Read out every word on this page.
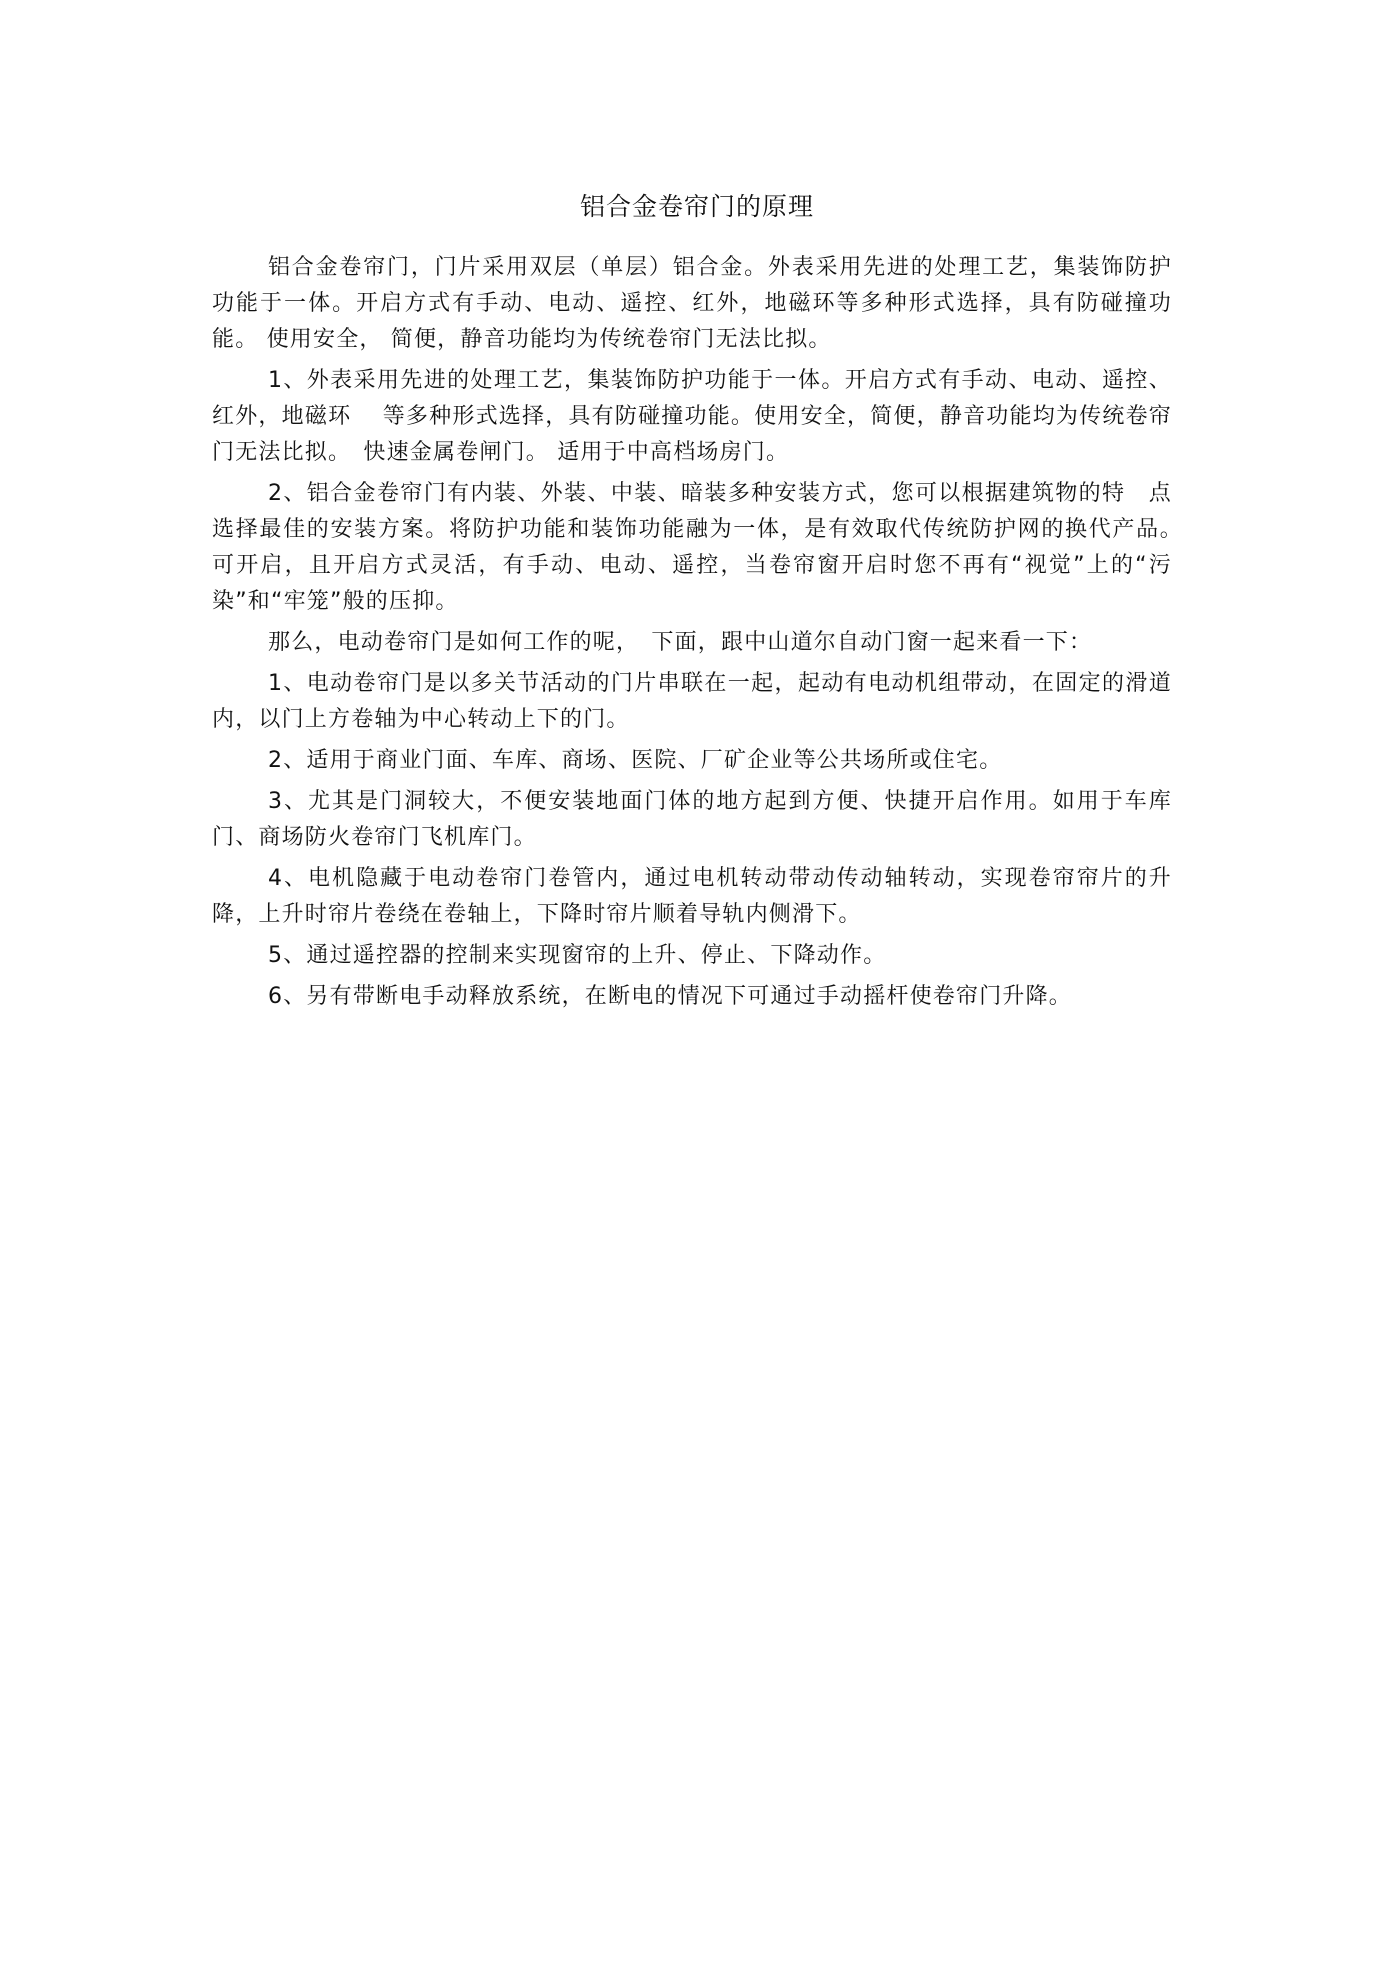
铝合金卷帘门的原理

铝合金卷帘门，门片采用双层（单层）铝合金。外表采用先进的处理工艺，集装饰防护功能于一体。开启方式有手动、电动、遥控、红外，地磁环等多种形式选择，具有防碰撞功能。 使用安全， 简便，静音功能均为传统卷帘门无法比拟。

1、外表采用先进的处理工艺，集装饰防护功能于一体。开启方式有手动、电动、遥控、红外，地磁环　 等多种形式选择，具有防碰撞功能。使用安全，简便，静音功能均为传统卷帘门无法比拟。　快速金属卷闸门。 适用于中高档场房门。

2、铝合金卷帘门有内装、外装、中装、暗装多种安装方式，您可以根据建筑物的特　点选择最佳的安装方案。将防护功能和装饰功能融为一体，是有效取代传统防护网的换代产品。　 可开启，且开启方式灵活，有手动、电动、遥控，当卷帘窗开启时您不再有“视觉”上的“污染”和“牢笼”般的压抑。

那么，电动卷帘门是如何工作的呢，　下面，跟中山道尔自动门窗一起来看一下：

1、电动卷帘门是以多关节活动的门片串联在一起，起动有电动机组带动，在固定的滑道内，以门上方卷轴为中心转动上下的门。

2、适用于商业门面、车库、商场、医院、厂矿企业等公共场所或住宅。

3、尤其是门洞较大，不便安装地面门体的地方起到方便、快捷开启作用。如用于车库门、商场防火卷帘门飞机库门。

4、电机隐藏于电动卷帘门卷管内，通过电机转动带动传动轴转动，实现卷帘帘片的升降，上升时帘片卷绕在卷轴上，下降时帘片顺着导轨内侧滑下。

5、通过遥控器的控制来实现窗帘的上升、停止、下降动作。

6、另有带断电手动释放系统，在断电的情况下可通过手动摇杆使卷帘门升降。
